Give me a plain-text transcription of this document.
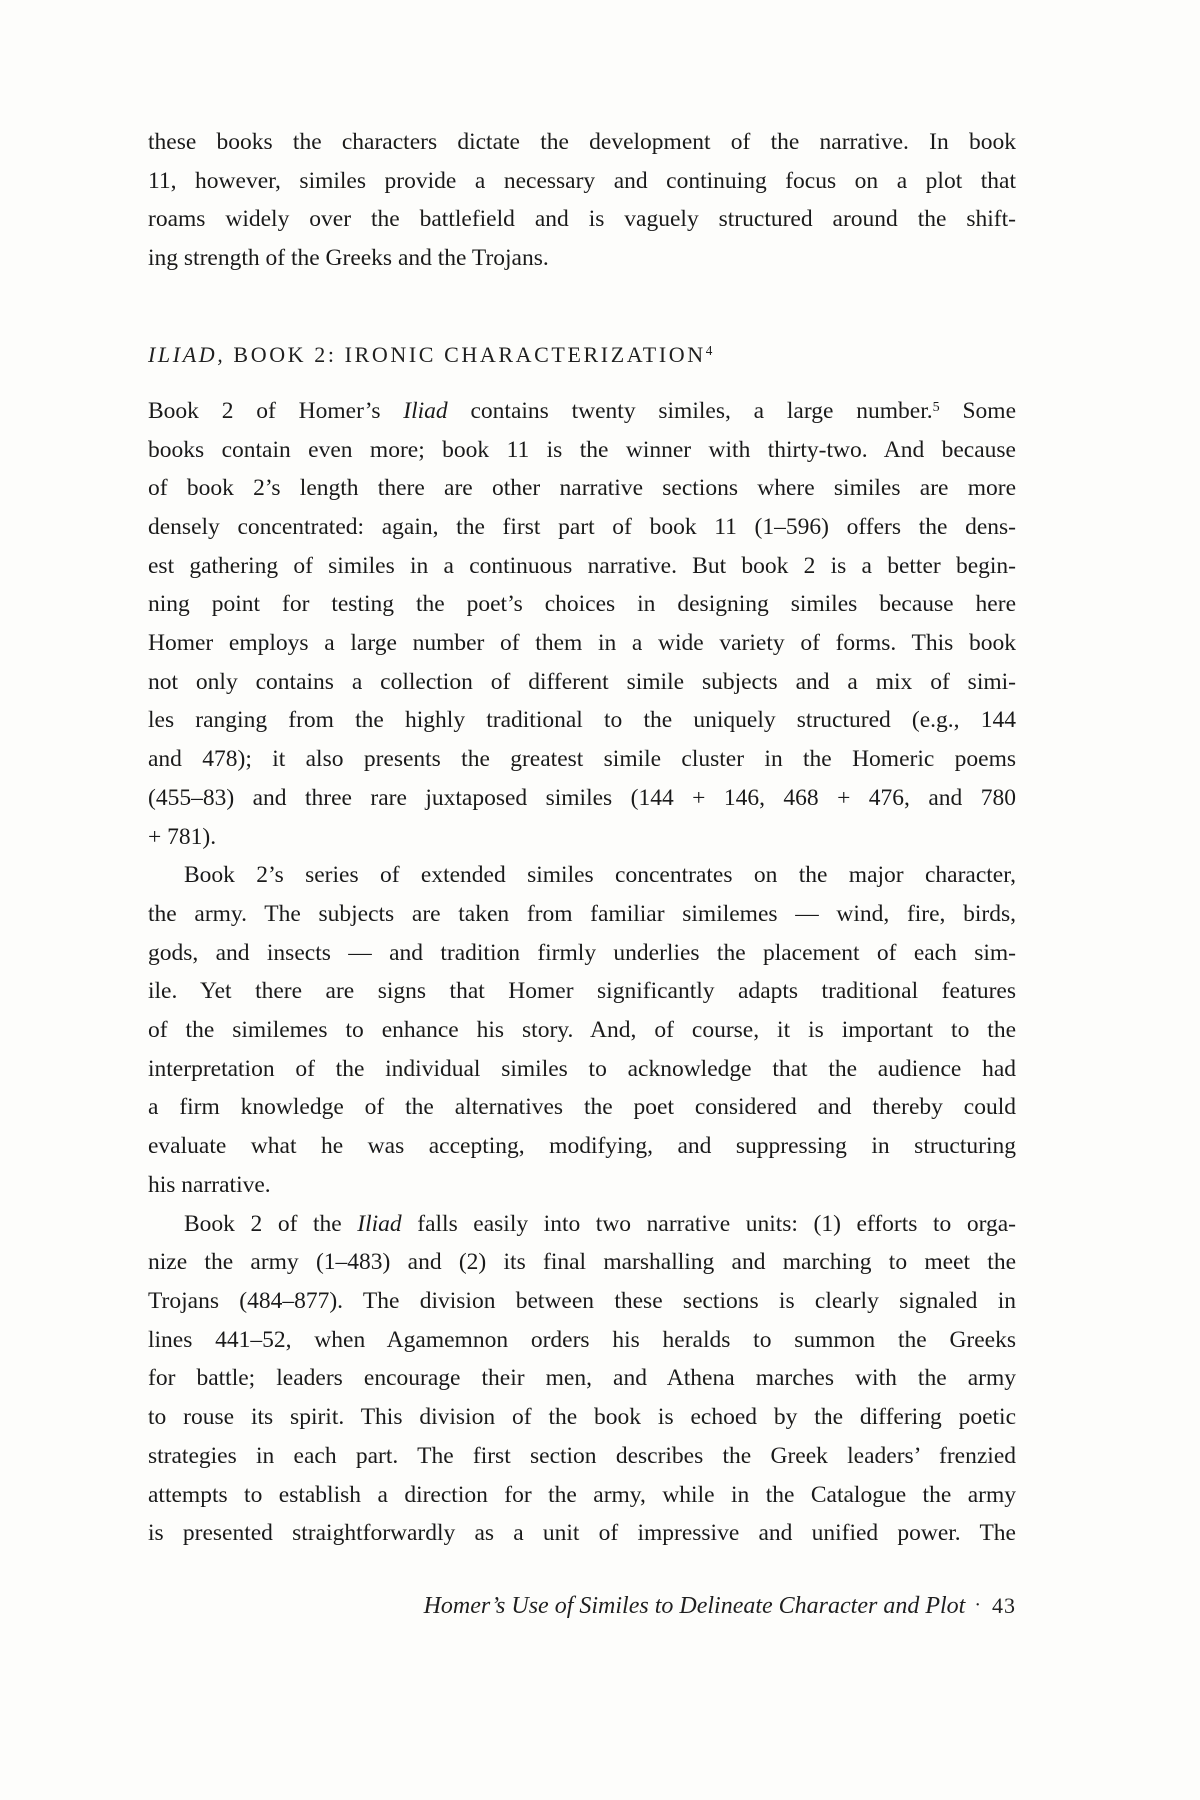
these books the characters dictate the development of the narrative. In book
11, however, similes provide a necessary and continuing focus on a plot that
roams widely over the battlefield and is vaguely structured around the shift-
ing strength of the Greeks and the Trojans.
ILIAD, BOOK 2: IRONIC CHARACTERIZATION$^4$
Book 2 of Homer’s Iliad contains twenty similes, a large number.$^5$ Some
books contain even more; book 11 is the winner with thirty-two. And because
of book 2’s length there are other narrative sections where similes are more
densely concentrated: again, the first part of book 11 (1–596) offers the dens-
est gathering of similes in a continuous narrative. But book 2 is a better begin-
ning point for testing the poet’s choices in designing similes because here
Homer employs a large number of them in a wide variety of forms. This book
not only contains a collection of different simile subjects and a mix of simi-
les ranging from the highly traditional to the uniquely structured (e.g., 144
and 478); it also presents the greatest simile cluster in the Homeric poems
(455–83) and three rare juxtaposed similes (144 + 146, 468 + 476, and 780
+ 781).
Book 2’s series of extended similes concentrates on the major character,
the army. The subjects are taken from familiar similemes — wind, fire, birds,
gods, and insects — and tradition firmly underlies the placement of each sim-
ile. Yet there are signs that Homer significantly adapts traditional features
of the similemes to enhance his story. And, of course, it is important to the
interpretation of the individual similes to acknowledge that the audience had
a firm knowledge of the alternatives the poet considered and thereby could
evaluate what he was accepting, modifying, and suppressing in structuring
his narrative.
Book 2 of the Iliad falls easily into two narrative units: (1) efforts to orga-
nize the army (1–483) and (2) its final marshalling and marching to meet the
Trojans (484–877). The division between these sections is clearly signaled in
lines 441–52, when Agamemnon orders his heralds to summon the Greeks
for battle; leaders encourage their men, and Athena marches with the army
to rouse its spirit. This division of the book is echoed by the differing poetic
strategies in each part. The first section describes the Greek leaders’ frenzied
attempts to establish a direction for the army, while in the Catalogue the army
is presented straightforwardly as a unit of impressive and unified power. The
Homer’s Use of Similes to Delineate Character and Plot · 43
